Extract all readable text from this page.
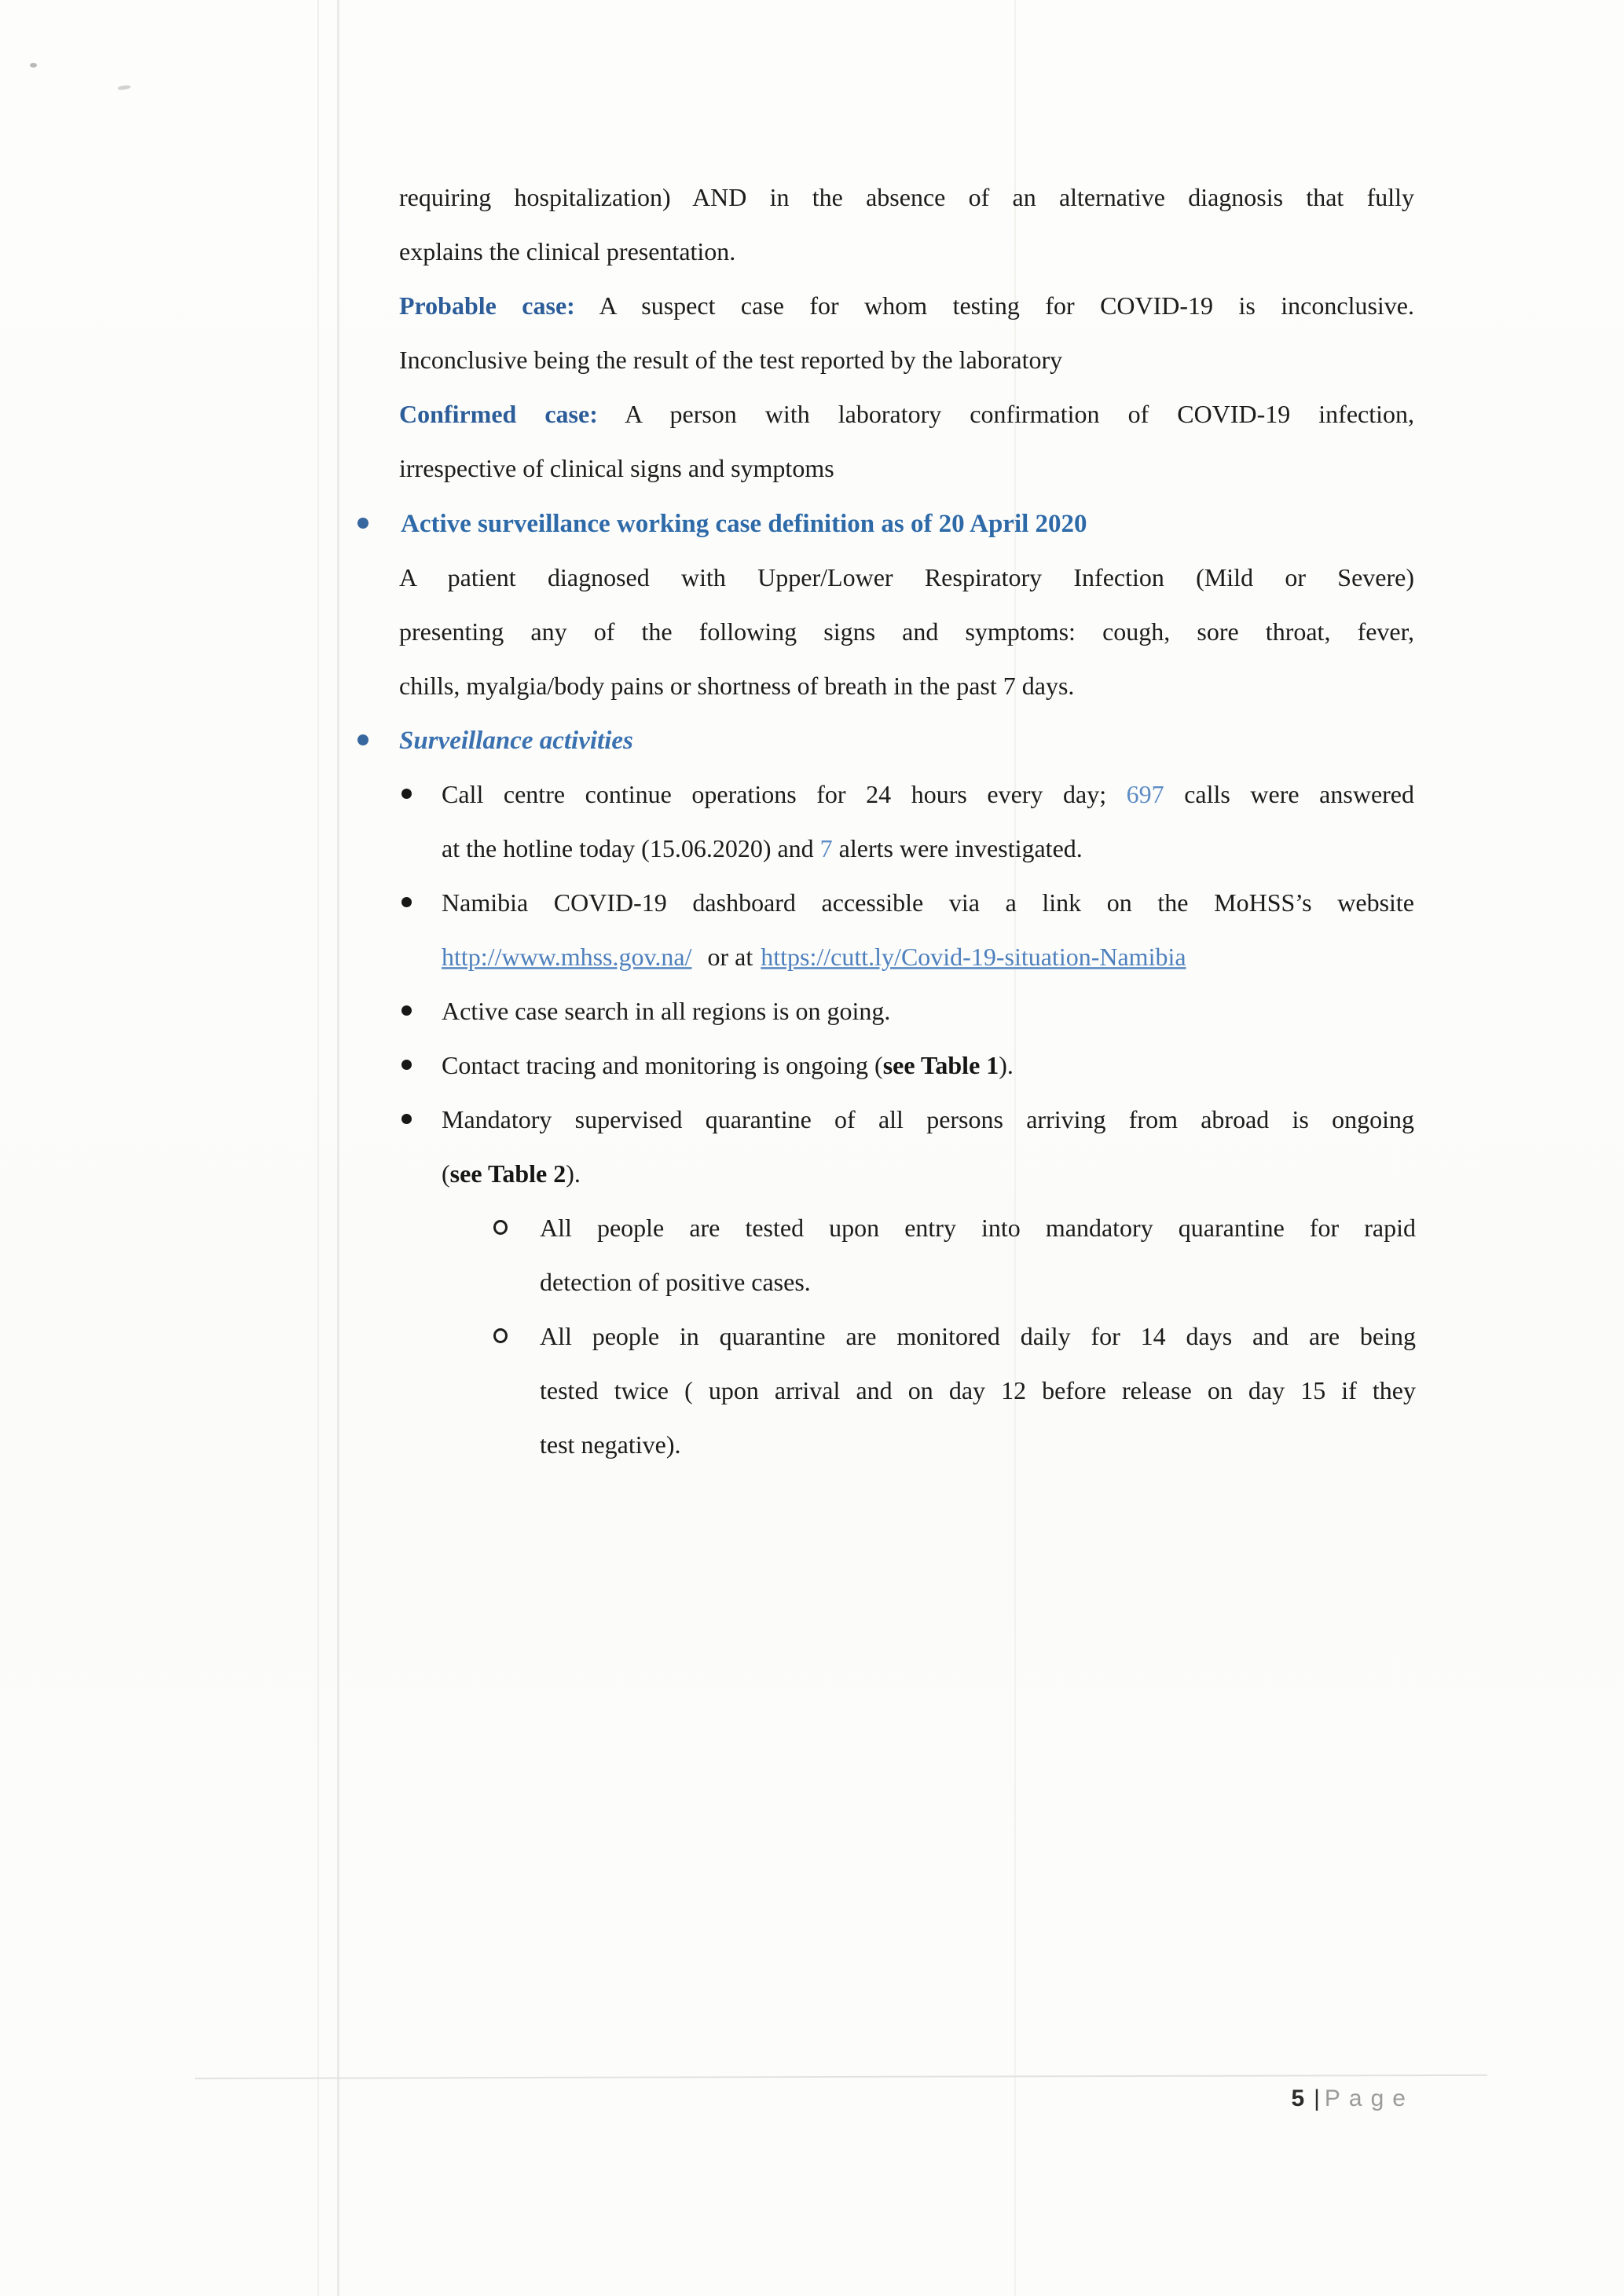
requiring hospitalization) AND in the absence of an alternative diagnosis that fully
explains the clinical presentation.
Probable case: A suspect case for whom testing for COVID-19 is inconclusive.
Inconclusive being the result of the test reported by the laboratory
Confirmed case: A person with laboratory confirmation of COVID-19 infection,
irrespective of clinical signs and symptoms
Active surveillance working case definition as of 20 April 2020
A patient diagnosed with Upper/Lower Respiratory Infection (Mild or Severe)
presenting any of the following signs and symptoms: cough, sore throat, fever,
chills, myalgia/body pains or shortness of breath in the past 7 days.
Surveillance activities
Call centre continue operations for 24 hours every day; 697 calls were answered
at the hotline today (15.06.2020) and 7 alerts were investigated.
Namibia COVID-19 dashboard accessible via a link on the MoHSS’s website
http://www.mhss.gov.na/ or at https://cutt.ly/Covid-19-situation-Namibia
Active case search in all regions is on going.
Contact tracing and monitoring is ongoing (see Table 1).
Mandatory supervised quarantine of all persons arriving from abroad is ongoing
(see Table 2).
All people are tested upon entry into mandatory quarantine for rapid
detection of positive cases.
All people in quarantine are monitored daily for 14 days and are being
tested twice ( upon arrival and on day 12 before release on day 15 if they
test negative).
5 | Page
